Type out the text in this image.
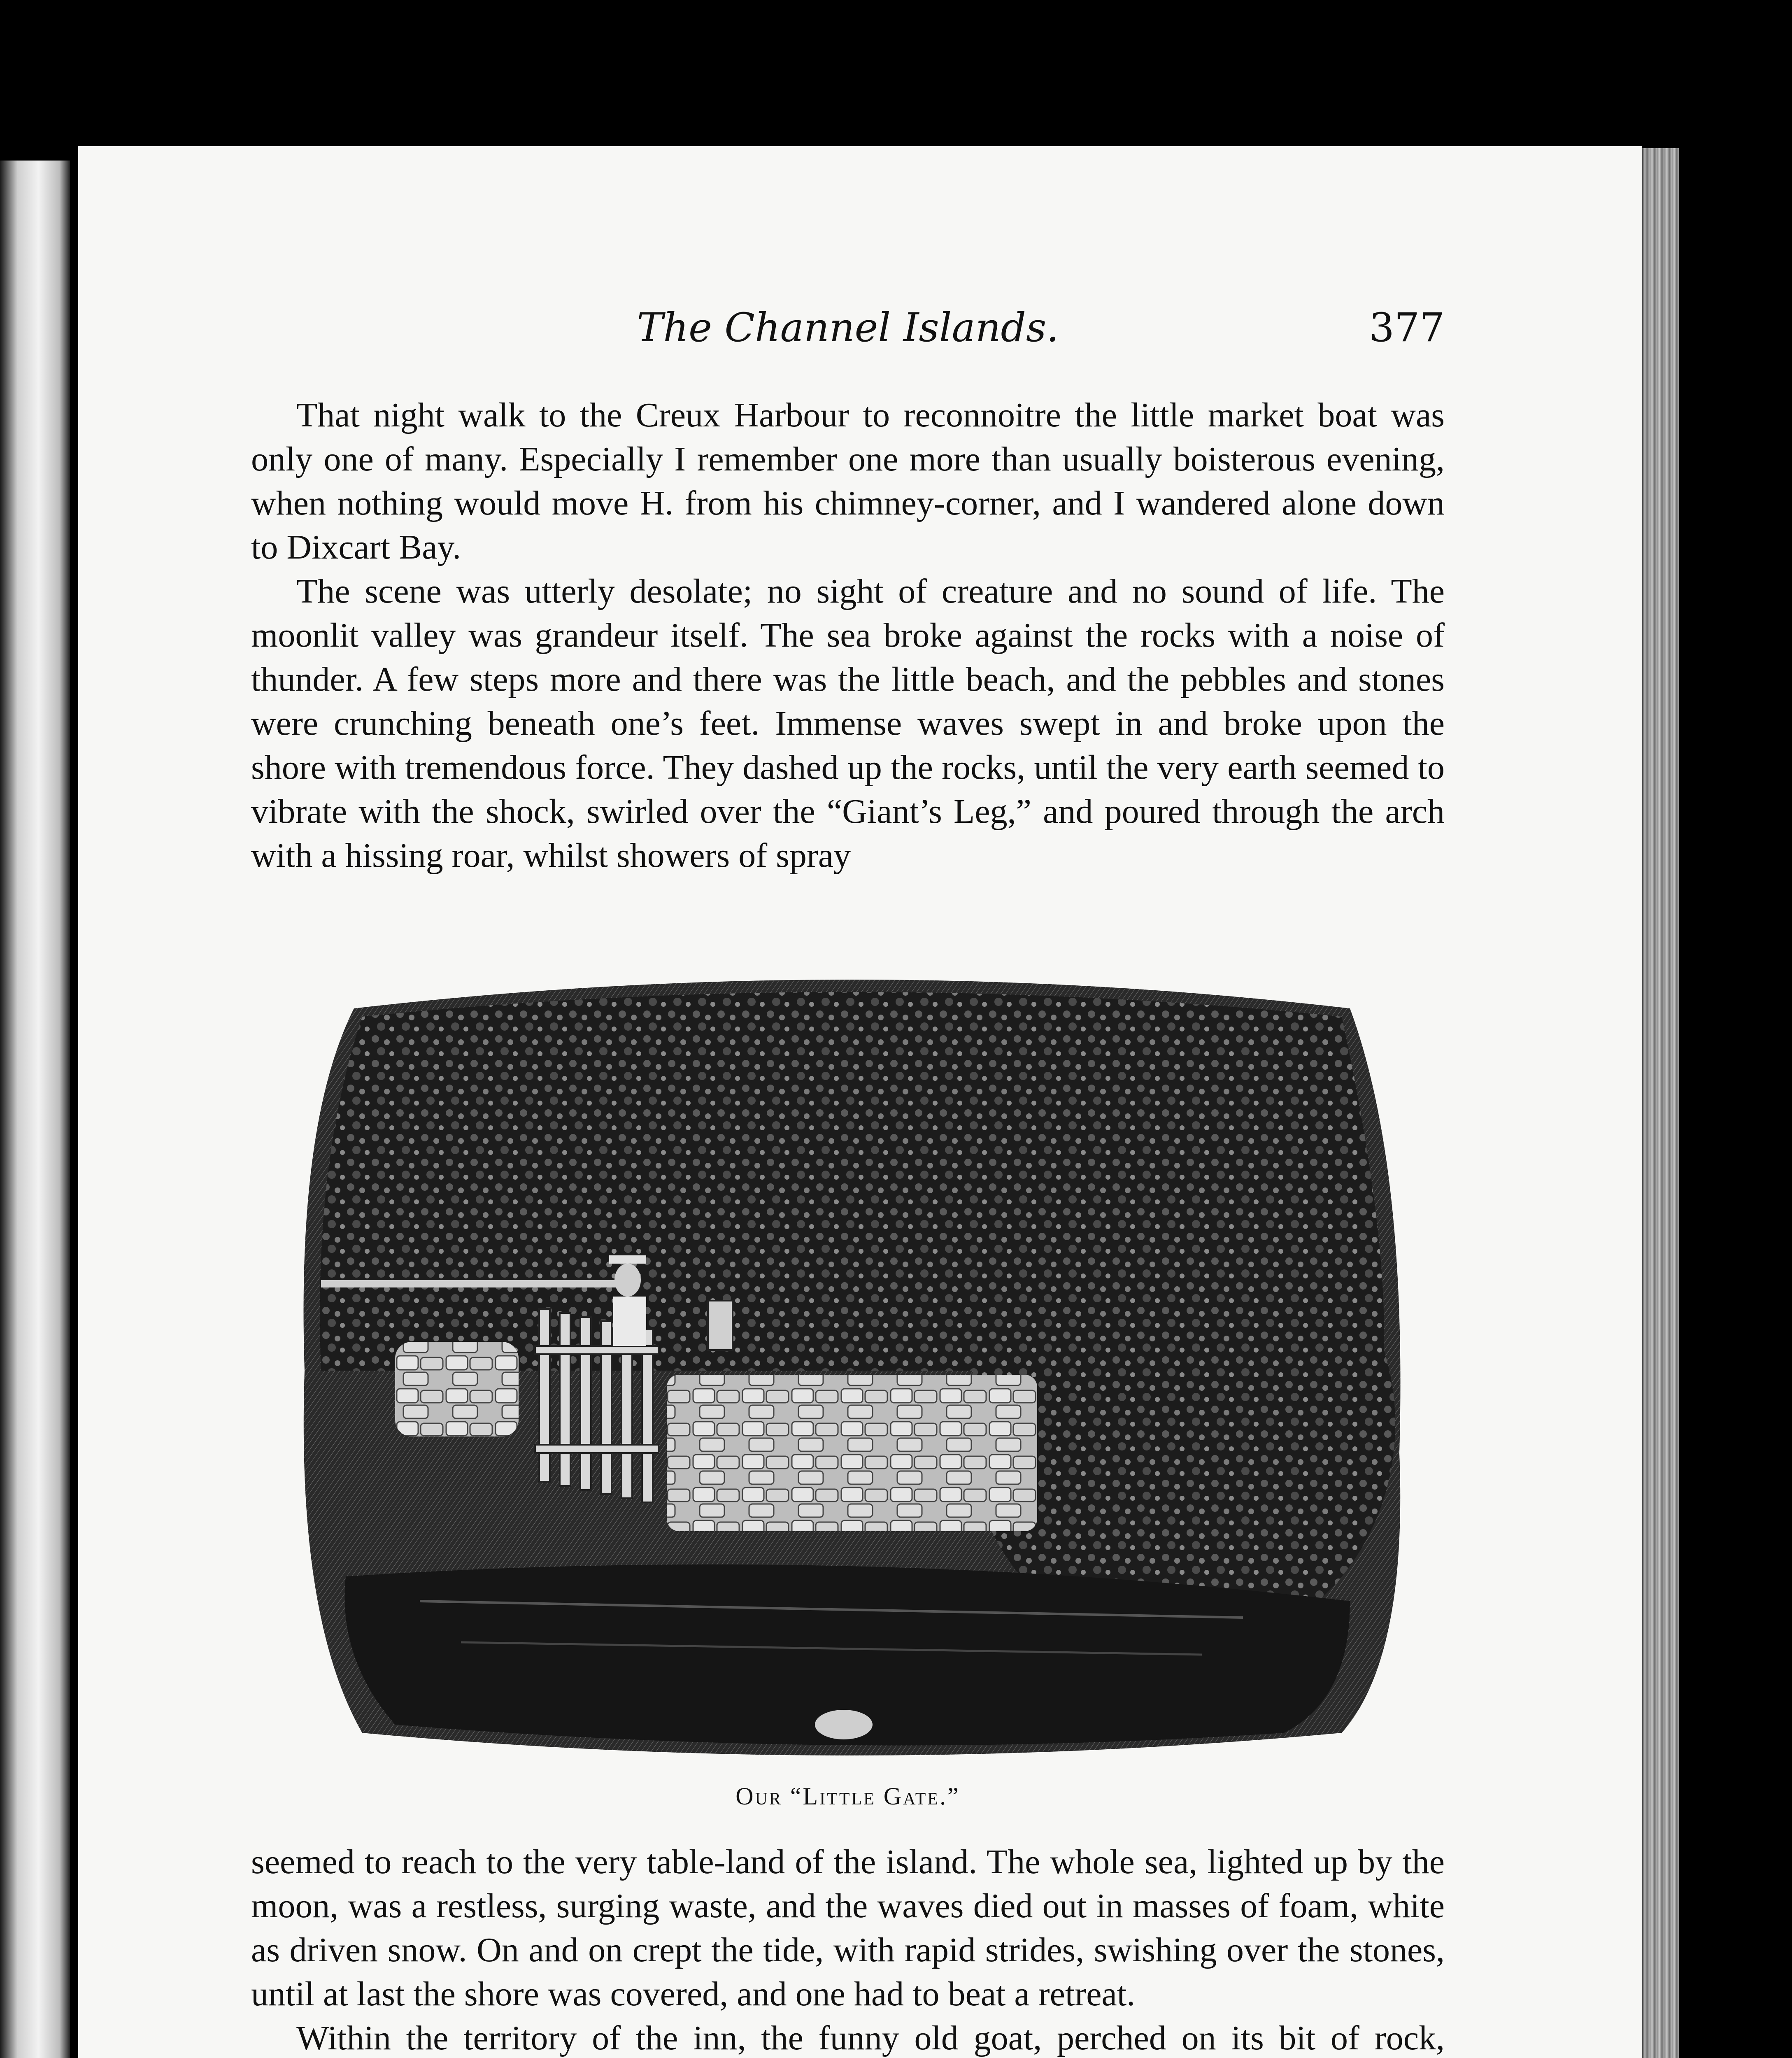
The Channel Islands.	377

That night walk to the Creux Harbour to reconnoitre the little market boat was only one of many. Especially I remember one more than usually boisterous evening, when nothing would move H. from his chimney-corner, and I wandered alone down to Dixcart Bay.

The scene was utterly desolate; no sight of creature and no sound of life. The moonlit valley was grandeur itself. The sea broke against the rocks with a noise of thunder. A few steps more and there was the little beach, and the pebbles and stones were crunching beneath one’s feet. Immense waves swept in and broke upon the shore with tremendous force. They dashed up the rocks, until the very earth seemed to vibrate with the shock, swirled over the “Giant’s Leg,” and poured through the arch with a hissing roar, whilst showers of spray

Our “Little Gate.”

seemed to reach to the very table-land of the island. The whole sea, lighted up by the moon, was a restless, surging waste, and the waves died out in masses of foam, white as driven snow. On and on crept the tide, with rapid strides, swishing over the stones, until at last the shore was covered, and one had to beat a retreat.

Within the territory of the inn, the funny old goat, perched on its bit of rock,
